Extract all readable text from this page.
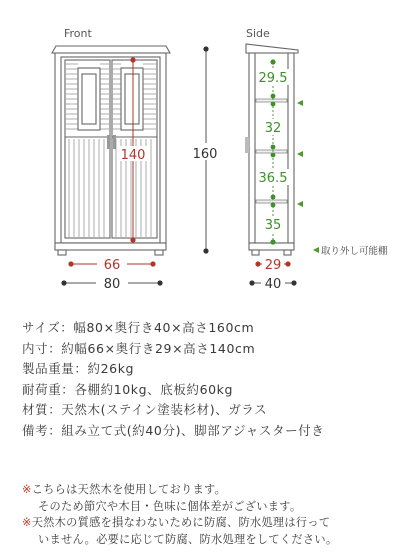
Front	Side
140	160
66
80
29.5
32
36.5
35
取り外し可能棚
29
40
サイズ：幅80×奥行き40×高さ160cm
内寸：約幅66×奥行き29×高さ140cm
製品重量：約26kg
耐荷重：各棚約10kg、底板約60kg
材質：天然木(ステイン塗装杉材)、ガラス
備考：組み立て式(約40分)、脚部アジャスター付き
※こちらは天然木を使用しております。
そのため節穴や木目・色味に個体差がございます。
※天然木の質感を損なわないために防腐、防水処理は行って
いません。必要に応じて防腐、防水処理をしてください。
